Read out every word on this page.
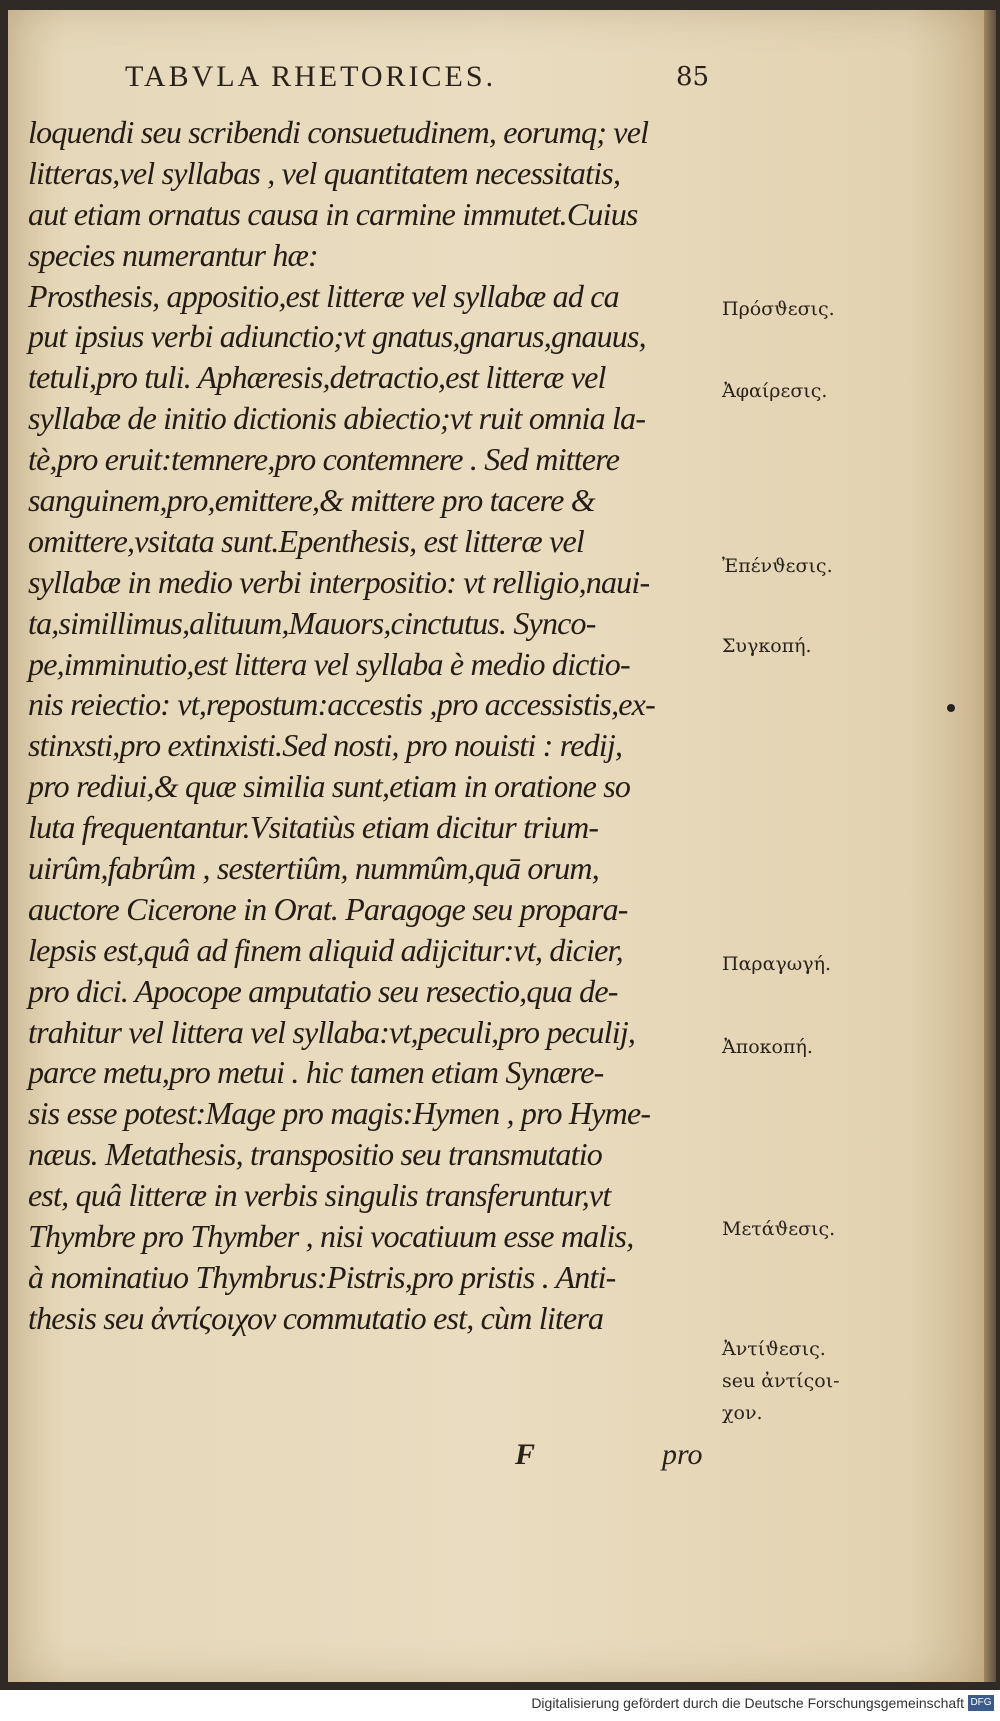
TABVLA RHETORICES.	85
loquendi seu scribendi consuetudinem, eorumq; vel
litteras,vel syllabas , vel quantitatem necessitatis,
aut etiam ornatus causa in carmine immutet.Cuius
species numerantur hæ:
Prosthesis, appositio,est litteræ vel syllabæ ad ca
put ipsius verbi adiunctio;vt gnatus,gnarus,gnauus,
tetuli,pro tuli. Aphæresis,detractio,est litteræ vel
syllabæ de initio dictionis abiectio;vt ruit omnia la-
tè,pro eruit:temnere,pro contemnere . Sed mittere
sanguinem,pro,emittere,& mittere pro tacere &
omittere,vsitata sunt.Epenthesis, est litteræ vel
syllabæ in medio verbi interpositio: vt relligio,naui-
ta,simillimus,alituum,Mauors,cinctutus. Synco-
pe,imminutio,est littera vel syllaba è medio dictio-
nis reiectio: vt,repostum:accestis ,pro accessistis,ex-
stinxsti,pro extinxisti.Sed nosti, pro nouisti : redij,
pro rediui,& quæ similia sunt,etiam in oratione so
luta frequentantur.Vsitatiùs etiam dicitur trium-
uirûm,fabrûm , sestertiûm, nummûm,quā orum,
auctore Cicerone in Orat. Paragoge seu propara-
lepsis est,quâ ad finem aliquid adijcitur:vt, dicier,
pro dici. Apocope amputatio seu resectio,qua de-
trahitur vel littera vel syllaba:vt,peculi,pro peculij,
parce metu,pro metui . hic tamen etiam Synære-
sis esse potest:Mage pro magis:Hymen , pro Hyme-
næus. Metathesis, transpositio seu transmutatio
est, quâ litteræ in verbis singulis transferuntur,vt
Thymbre pro Thymber , nisi vocatiuum esse malis,
à nominatiuo Thymbrus:Pistris,pro pristis . Anti-
thesis seu ἀντίςοιχον commutatio est, cùm litera
Πρόσϑεσις.
Ἀφαίρεσις.
Ἐπένϑεσις.
Συγκοπή.
Παραγωγή.
Ἀποκοπή.
Μετάϑεσις.
Ἀντίϑεσις.
seu ἀντίςοι-
χον.
F	pro
Digitalisierung gefördert durch die Deutsche Forschungsgemeinschaft DFG
